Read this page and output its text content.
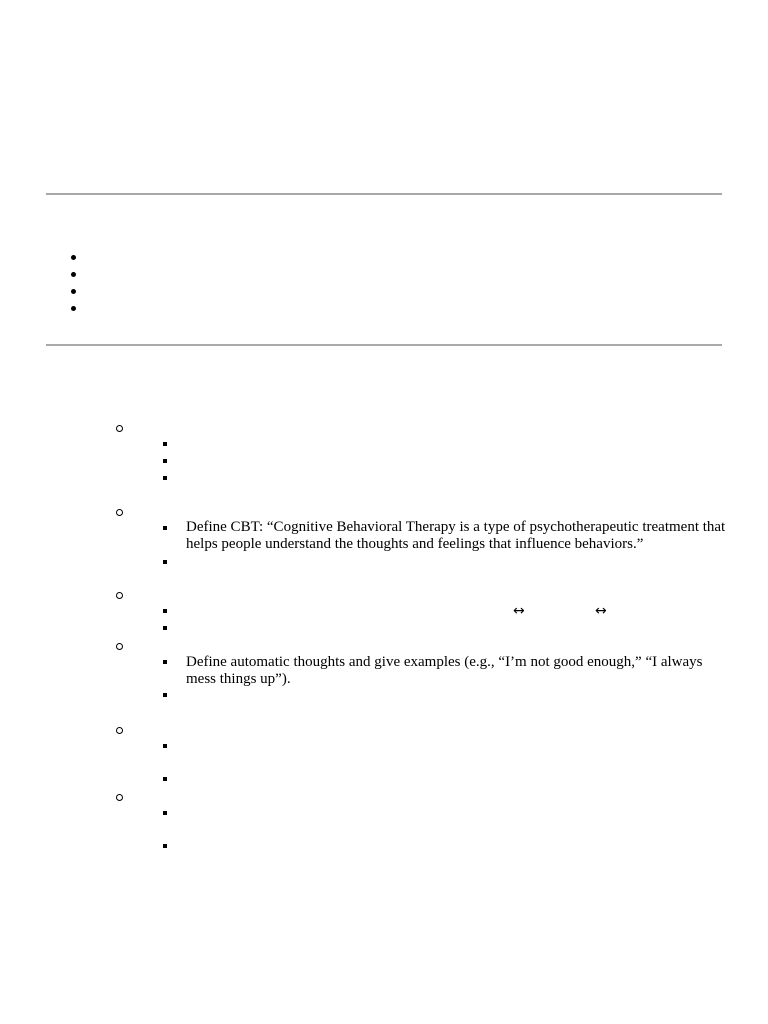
Define CBT: “Cognitive Behavioral Therapy is a type of psychotherapeutic treatment that helps people understand the thoughts and feelings that influence behaviors.”
↔	↔
Define automatic thoughts and give examples (e.g., “I’m not good enough,” “I always mess things up”).
